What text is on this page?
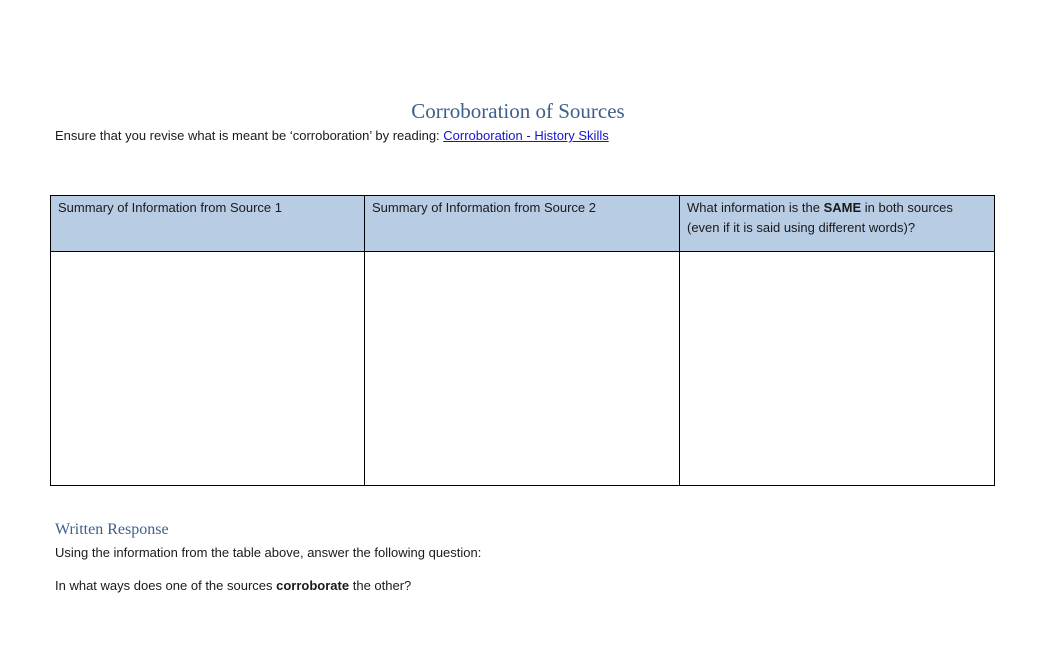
Corroboration of Sources

Ensure that you revise what is meant be ‘corroboration’ by reading: Corroboration - History Skills

Summary of Information from Source 1	Summary of Information from Source 2	What information is the SAME in both sources (even if it is said using different words)?

Written Response

Using the information from the table above, answer the following question:

In what ways does one of the sources corroborate the other?
